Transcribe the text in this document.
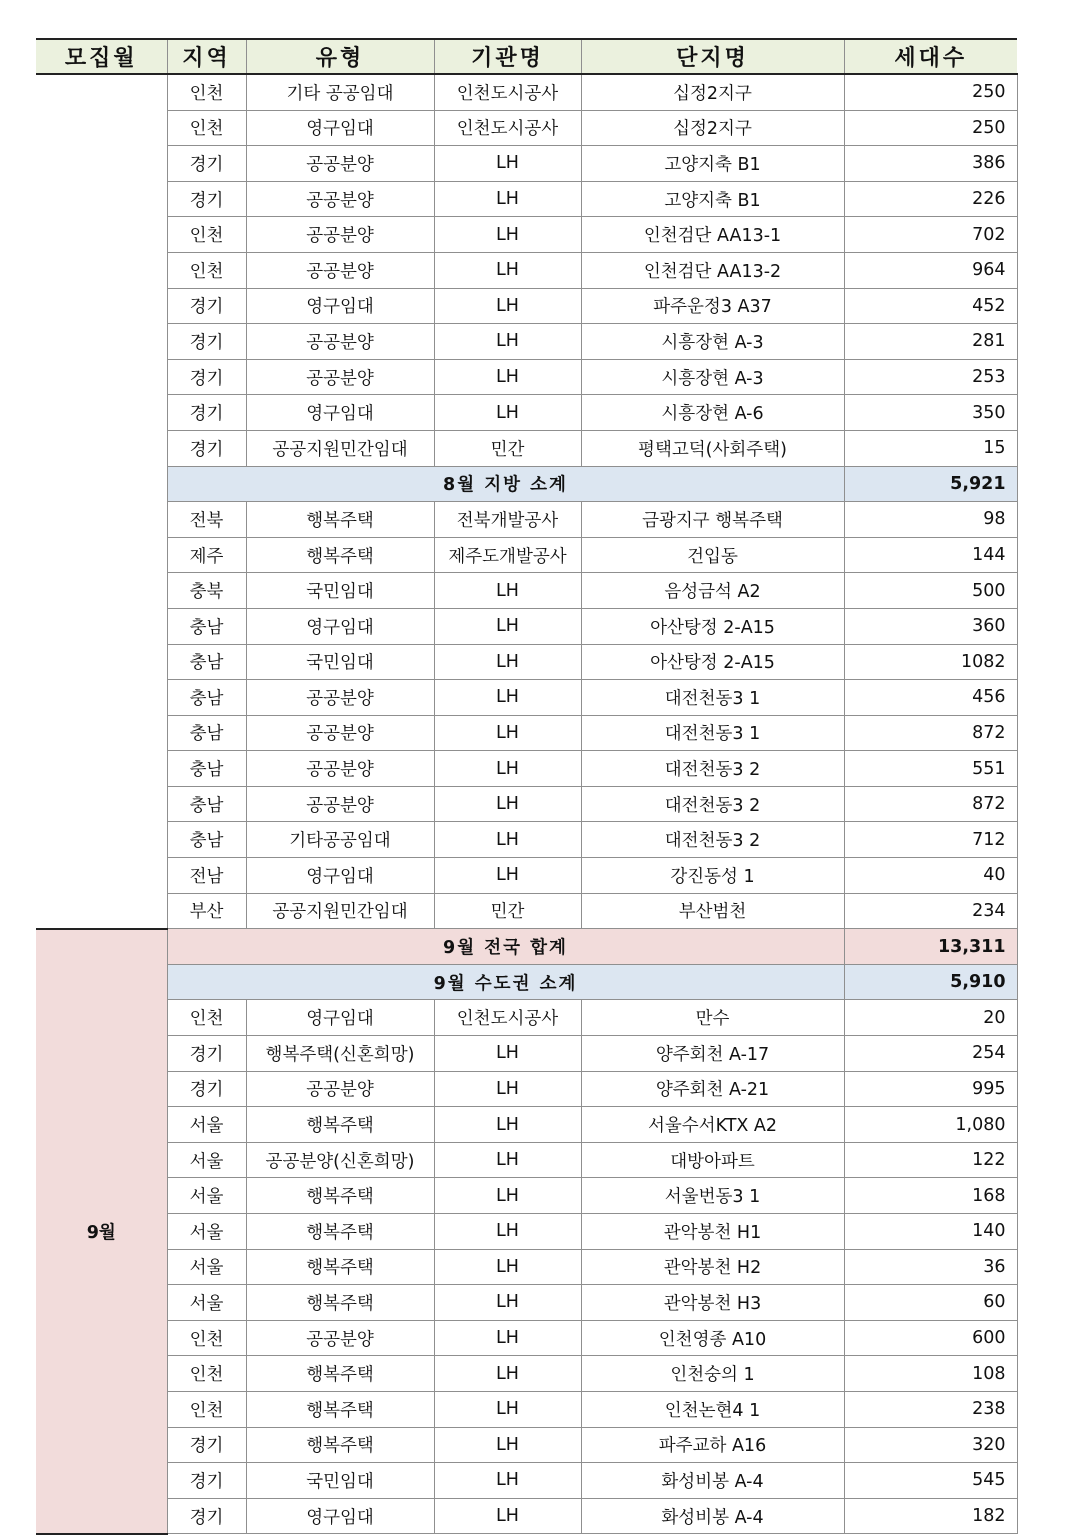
모집월	지역	유형	기관명	단지명	세대수
	인천	기타 공공임대	인천도시공사	십정2지구	250
	인천	영구임대	인천도시공사	십정2지구	250
	경기	공공분양	LH	고양지축 B1	386
	경기	공공분양	LH	고양지축 B1	226
	인천	공공분양	LH	인천검단 AA13-1	702
	인천	공공분양	LH	인천검단 AA13-2	964
	경기	영구임대	LH	파주운정3 A37	452
	경기	공공분양	LH	시흥장현 A-3	281
	경기	공공분양	LH	시흥장현 A-3	253
	경기	영구임대	LH	시흥장현 A-6	350
	경기	공공지원민간임대	민간	평택고덕(사회주택)	15
	8월 지방 소계				5,921
	전북	행복주택	전북개발공사	금광지구 행복주택	98
	제주	행복주택	제주도개발공사	건입동	144
	충북	국민임대	LH	음성금석 A2	500
	충남	영구임대	LH	아산탕정 2-A15	360
	충남	국민임대	LH	아산탕정 2-A15	1082
	충남	공공분양	LH	대전천동3 1	456
	충남	공공분양	LH	대전천동3 1	872
	충남	공공분양	LH	대전천동3 2	551
	충남	공공분양	LH	대전천동3 2	872
	충남	기타공공임대	LH	대전천동3 2	712
	전남	영구임대	LH	강진동성 1	40
	부산	공공지원민간임대	민간	부산범천	234
9월	9월 전국 합계				13,311
	9월 수도권 소계				5,910
	인천	영구임대	인천도시공사	만수	20
	경기	행복주택(신혼희망)	LH	양주회천 A-17	254
	경기	공공분양	LH	양주회천 A-21	995
	서울	행복주택	LH	서울수서KTX A2	1,080
	서울	공공분양(신혼희망)	LH	대방아파트	122
	서울	행복주택	LH	서울번동3 1	168
	서울	행복주택	LH	관악봉천 H1	140
	서울	행복주택	LH	관악봉천 H2	36
	서울	행복주택	LH	관악봉천 H3	60
	인천	공공분양	LH	인천영종 A10	600
	인천	행복주택	LH	인천숭의 1	108
	인천	행복주택	LH	인천논현4 1	238
	경기	행복주택	LH	파주교하 A16	320
	경기	국민임대	LH	화성비봉 A-4	545
	경기	영구임대	LH	화성비봉 A-4	182
